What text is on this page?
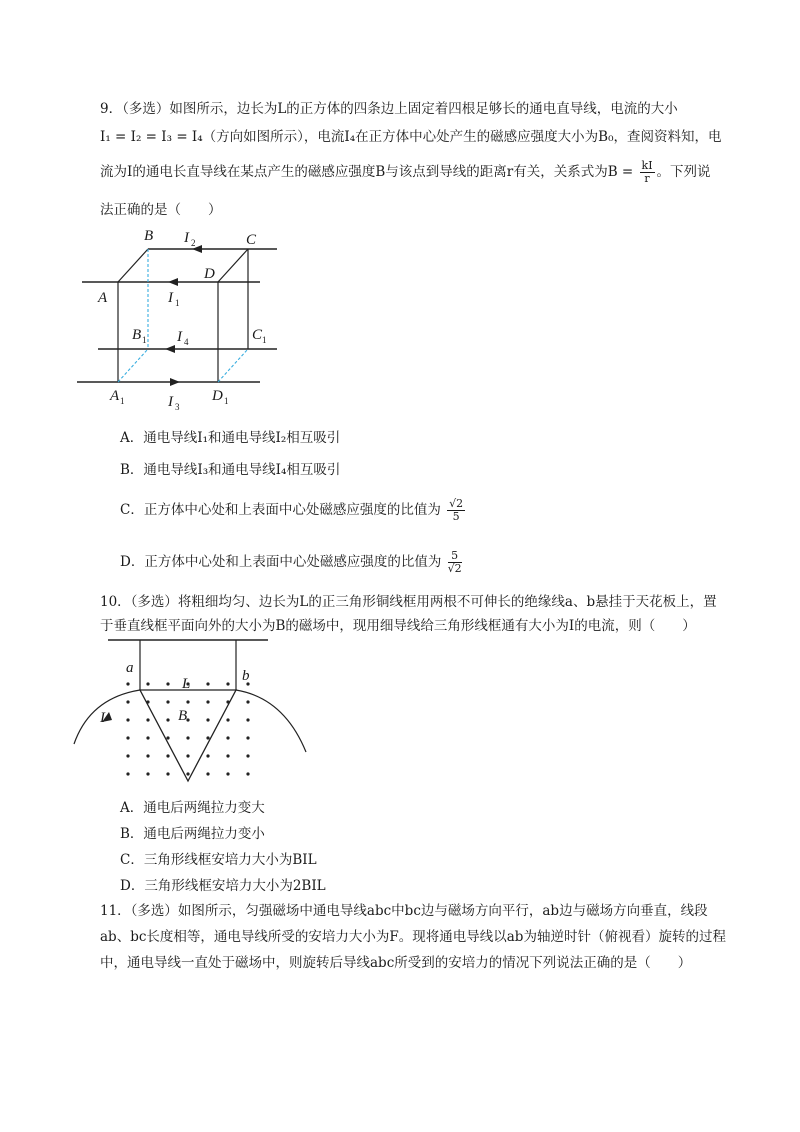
9．（多选）如图所示，边长为L的正方体的四条边上固定着四根足够长的通电直导线，电流的大小
I₁ = I₂ = I₃ = I₄（方向如图所示），电流I₄在正方体中心处产生的磁感应强度大小为B₀，查阅资料知，电
流为I的通电长直导线在某点产生的磁感应强度B与该点到导线的距离r有关，关系式为$B = \frac{kI}{r}$ 。下列说
法正确的是（　　）
B	C
A
D
B 1	C 1
A 1	D 1
I 2
I 1
I 4
I 3
A．通电导线I₁和通电导线I₂相互吸引
B．通电导线I₃和通电导线I₄相互吸引
C．正方体中心处和上表面中心处磁感应强度的比值为 $\frac{√2}{5}$
D．正方体中心处和上表面中心处磁感应强度的比值为 $\frac{5}{√2}$
10．（多选）将粗细均匀、边长为L的正三角形铜线框用两根不可伸长的绝缘线a、b悬挂于天花板上，置
于垂直线框平面向外的大小为B的磁场中，现用细导线给三角形线框通有大小为I的电流，则（　　）
a	b
L
I	B
A．通电后两绳拉力变大
B．通电后两绳拉力变小
C．三角形线框安培力大小为BIL
D．三角形线框安培力大小为2BIL
11．（多选）如图所示，匀强磁场中通电导线abc中bc边与磁场方向平行，ab边与磁场方向垂直，线段
ab、bc长度相等，通电导线所受的安培力大小为F。现将通电导线以ab为轴逆时针（俯视看）旋转的过程
中，通电导线一直处于磁场中，则旋转后导线abc所受到的安培力的情况下列说法正确的是（　　）
